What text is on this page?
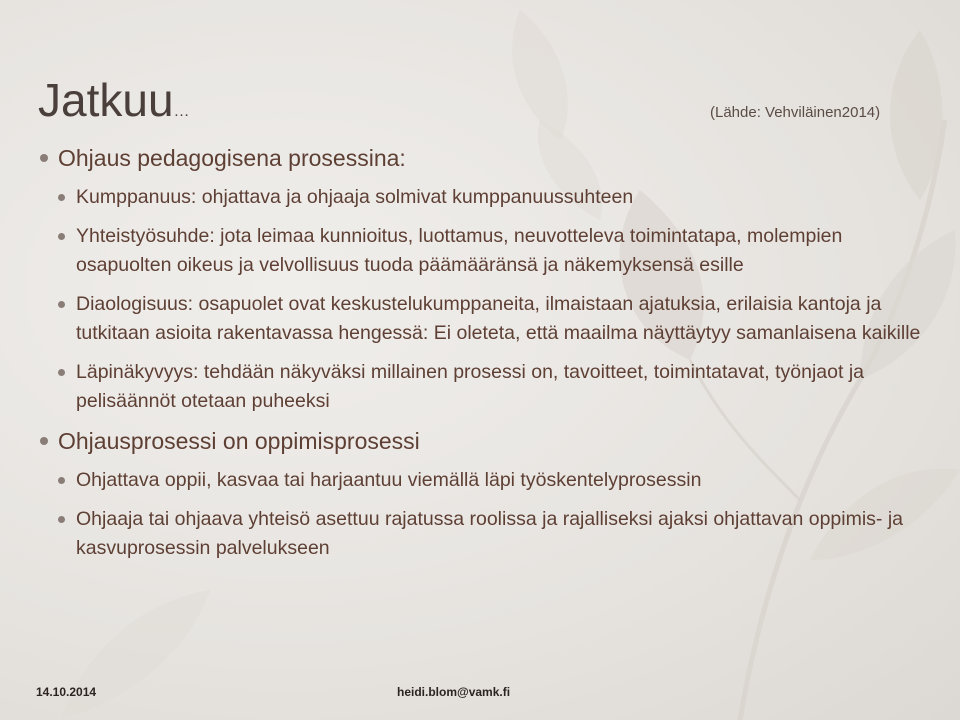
Jatkuu…	(Lähde: Vehviläinen2014)
Ohjaus pedagogisena prosessina:
Kumppanuus: ohjattava ja ohjaaja solmivat kumppanuussuhteen
Yhteistyösuhde: jota leimaa kunnioitus, luottamus, neuvotteleva toimintatapa, molempien osapuolten oikeus ja velvollisuus tuoda päämääränsä ja näkemyksensä esille
Diaologisuus: osapuolet ovat keskustelukumppaneita, ilmaistaan ajatuksia, erilaisia kantoja ja tutkitaan asioita rakentavassa hengessä: Ei oleteta, että maailma näyttäytyy samanlaisena kaikille
Läpinäkyvyys: tehdään näkyväksi millainen prosessi on, tavoitteet, toimintatavat, työnjaot ja pelisäännöt otetaan puheeksi
Ohjausprosessi on oppimisprosessi
Ohjattava oppii, kasvaa tai harjaantuu viemällä läpi työskentelyprosessin
Ohjaaja tai ohjaava yhteisö asettuu rajatussa roolissa ja rajalliseksi ajaksi ohjattavan oppimis- ja kasvuprosessin palvelukseen
14.10.2014	heidi.blom@vamk.fi
